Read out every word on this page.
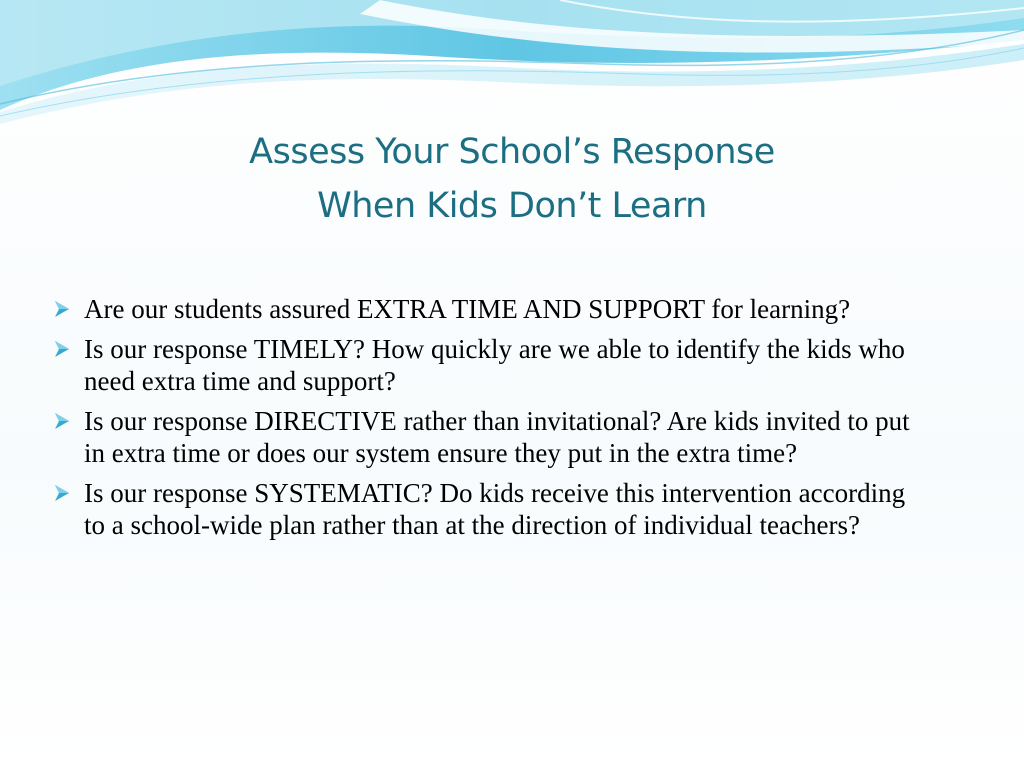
Assess Your School’s Response
When Kids Don’t Learn
Are our students assured EXTRA TIME AND SUPPORT for learning?
Is our response TIMELY? How quickly are we able to identify the kids who need extra time and support?
Is our response DIRECTIVE rather than invitational? Are kids invited to put in extra time or does our system ensure they put in the extra time?
Is our response SYSTEMATIC? Do kids receive this intervention according to a school-wide plan rather than at the direction of individual teachers?
